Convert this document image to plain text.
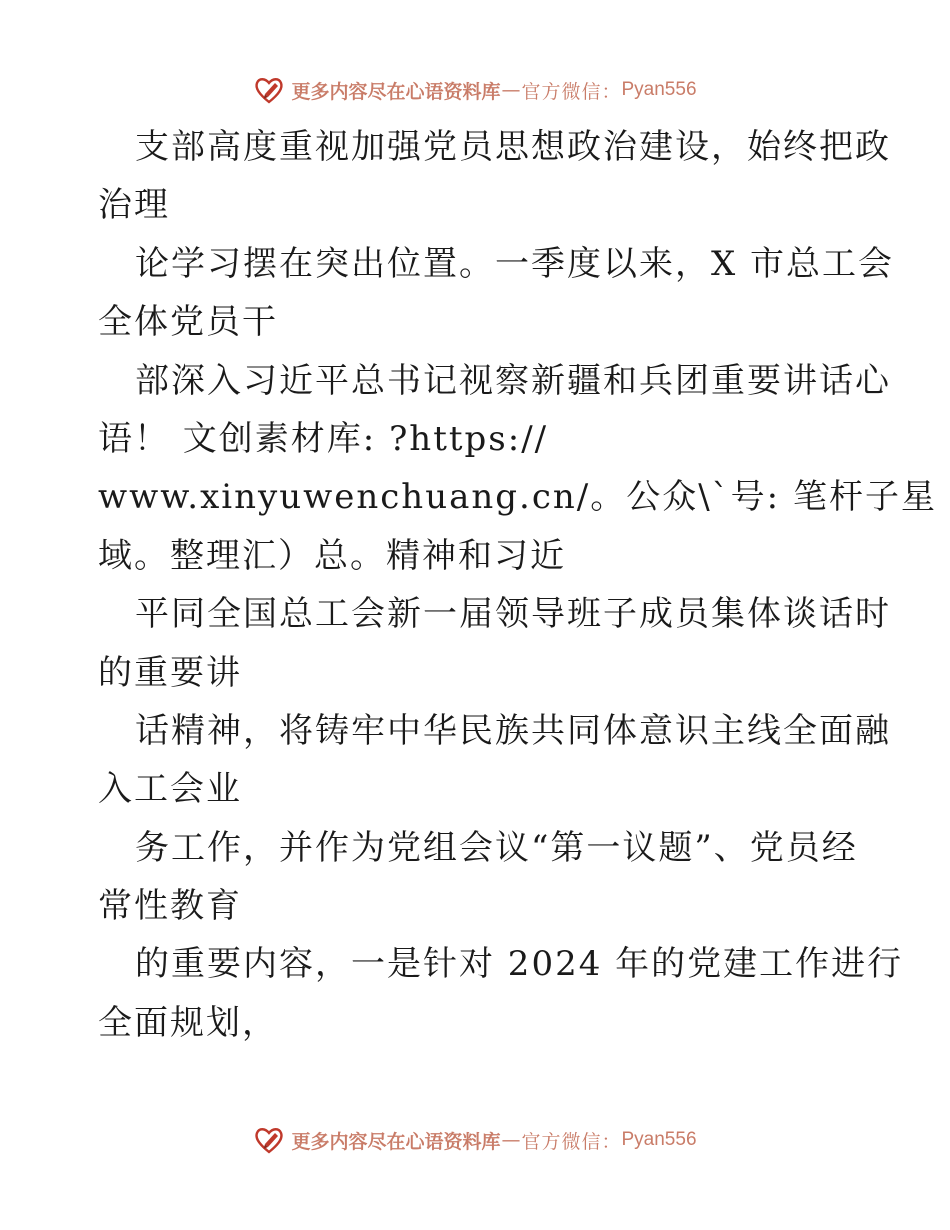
更多内容尽在心语资料库 — 官方微信： Pyan556
支部高度重视加强党员思想政治建设，始终把政
治理
论学习摆在突出位置。一季度以来，X 市总工会
全体党员干
部深入习近平总书记视察新疆和兵团重要讲话心
语！ 文创素材库: ?https://
www.xinyuwenchuang.cn/。公众\`号: 笔杆子星
域。整理汇）总。精神和习近
平同全国总工会新一届领导班子成员集体谈话时
的重要讲
话精神，将铸牢中华民族共同体意识主线全面融
入工会业
务工作，并作为党组会议“第一议题”、党员经
常性教育
的重要内容，一是针对 2024 年的党建工作进行
全面规划，
更多内容尽在心语资料库 — 官方微信： Pyan556
